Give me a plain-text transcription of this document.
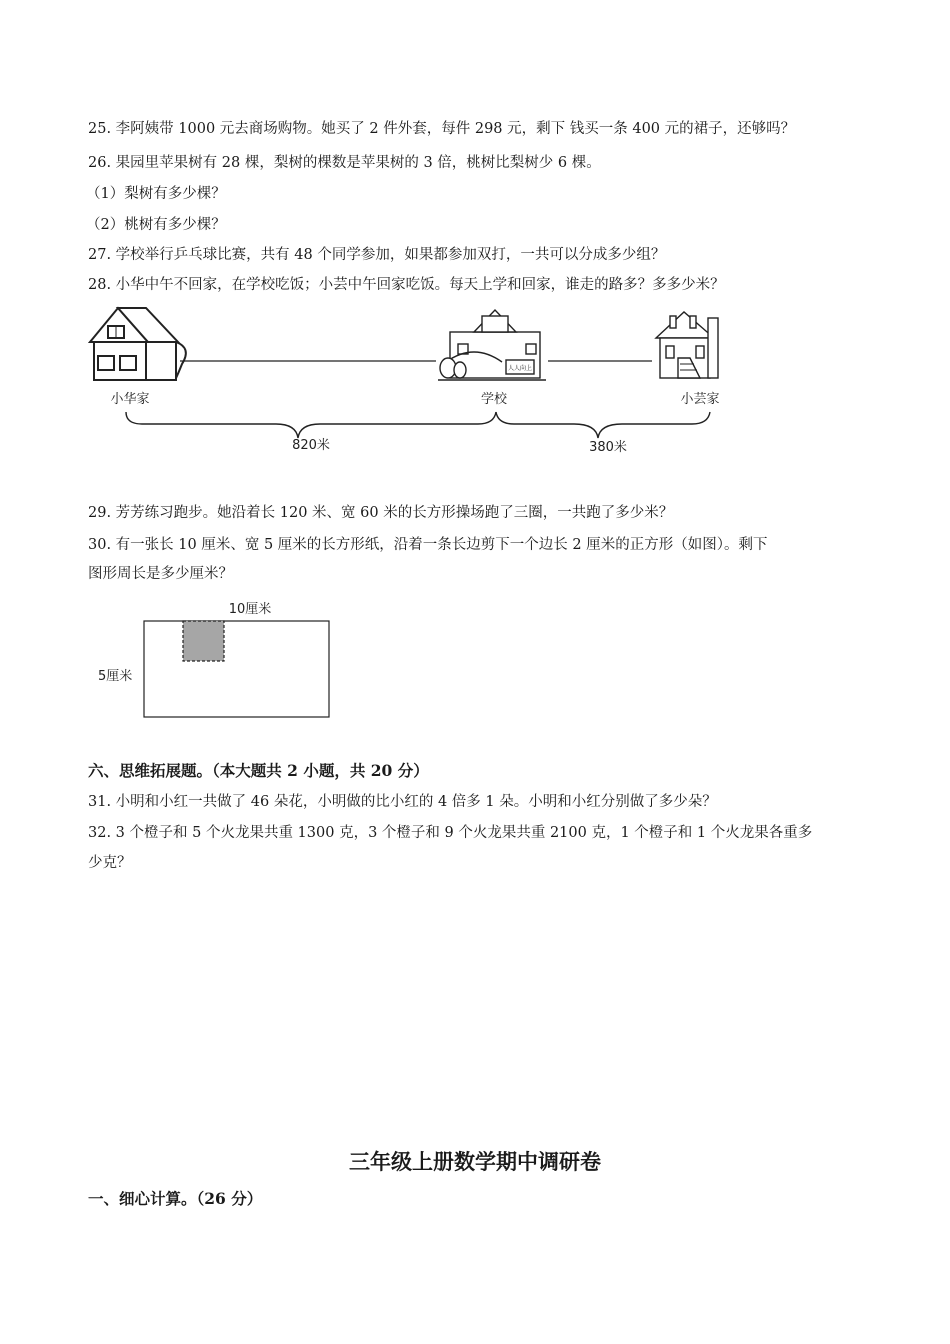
25. 李阿姨带 1000 元去商场购物。她买了 2 件外套，每件 298 元，剩下 钱买一条 400 元的裙子，还够吗？
26. 果园里苹果树有 28 棵，梨树的棵数是苹果树的 3 倍，桃树比梨树少 6 棵。
（1）梨树有多少棵？
（2）桃树有多少棵？
27. 学校举行乒乓球比赛，共有 48 个同学参加，如果都参加双打，一共可以分成多少组？
28. 小华中午不回家，在学校吃饭；小芸中午回家吃饭。每天上学和回家，谁走的路多？多多少米？
人人向上
小华家	学校	小芸家
820米	380米
29. 芳芳练习跑步。她沿着长 120 米、宽 60 米的长方形操场跑了三圈，一共跑了多少米？
30. 有一张长 10 厘米、宽 5 厘米的长方形纸，沿着一条长边剪下一个边长 2 厘米的正方形（如图）。剩下
图形周长是多少厘米？
10厘米
5厘米
六、思维拓展题。（本大题共 2 小题，共 20 分）
31. 小明和小红一共做了 46 朵花，小明做的比小红的 4 倍多 1 朵。小明和小红分别做了多少朵？
32. 3 个橙子和 5 个火龙果共重 1300 克，3 个橙子和 9 个火龙果共重 2100 克，1 个橙子和 1 个火龙果各重多
少克？
三年级上册数学期中调研卷
一、细心计算。（26 分）
